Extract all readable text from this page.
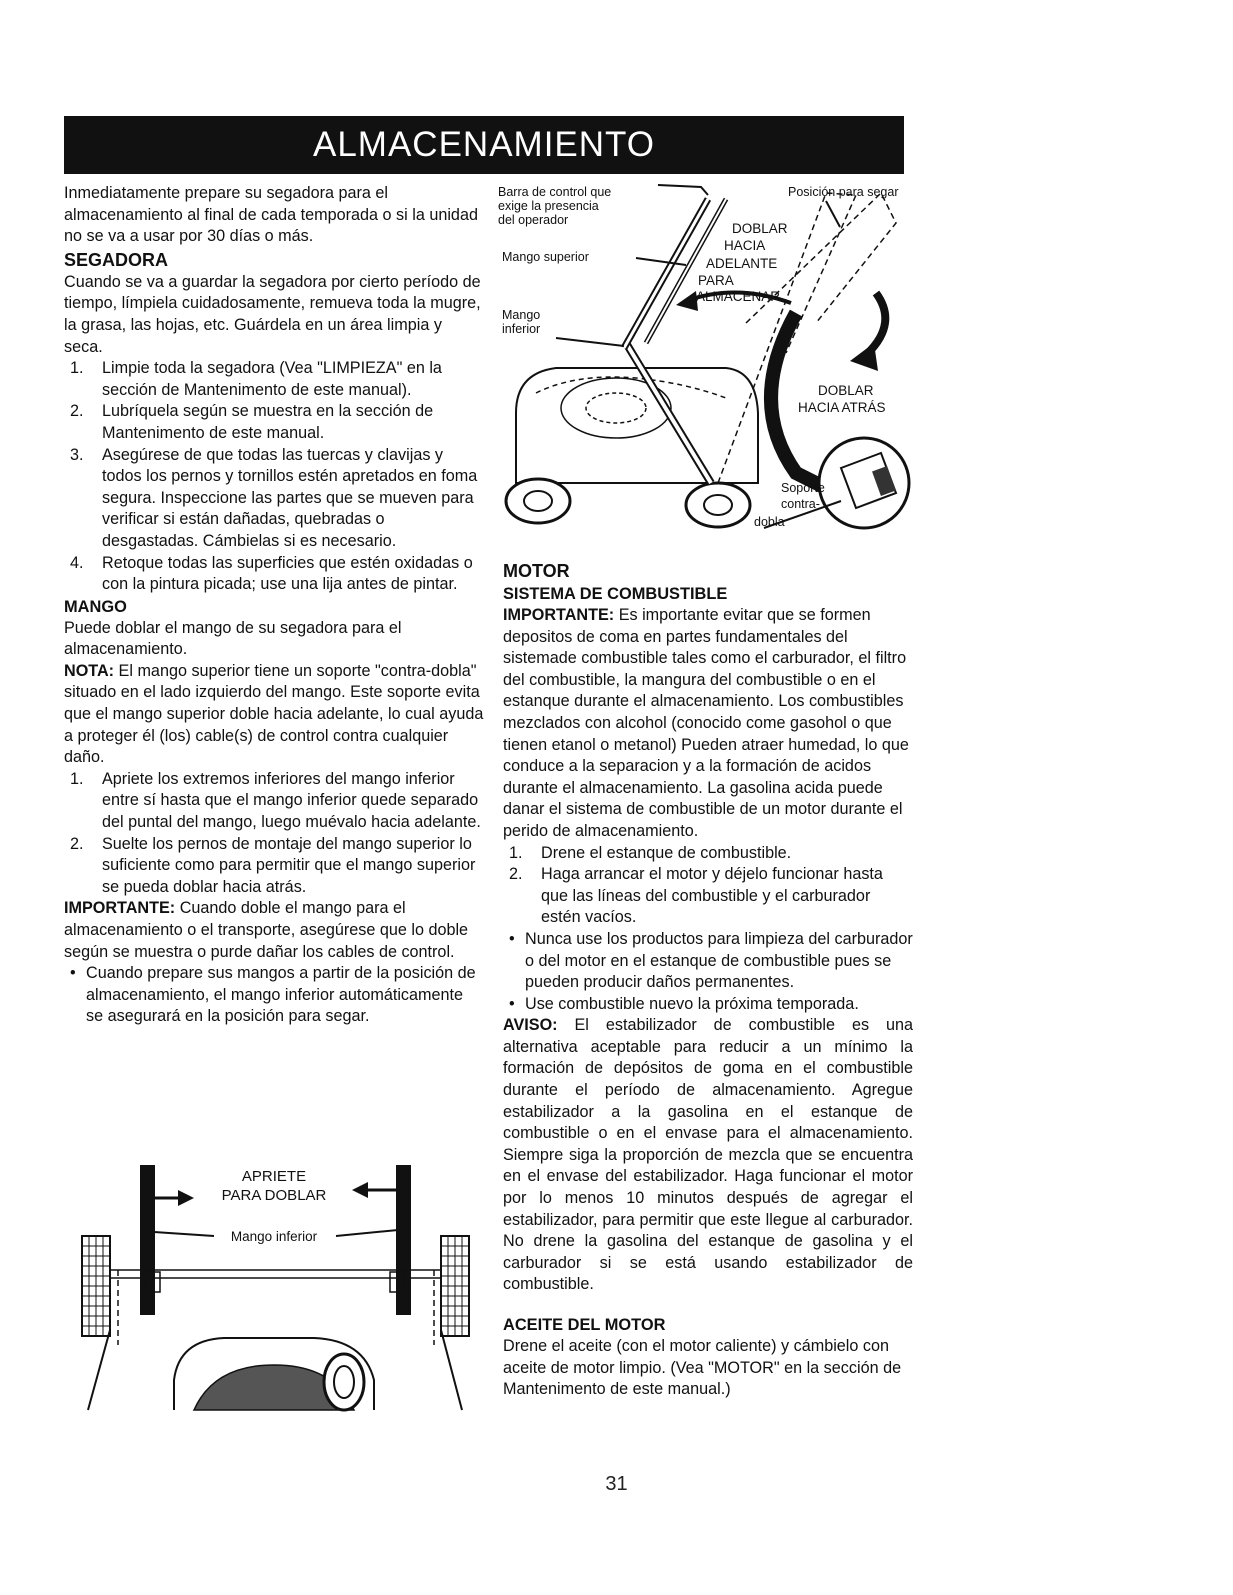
ALMACENAMIENTO

Inmediatamente prepare su segadora para el almacenamiento al final de cada temporada o si la unidad no se va a usar por 30 días o más.

SEGADORA

Cuando se va a guardar la segadora por cierto período de tiempo, límpiela cuidadosamente, remueva toda la mugre, la grasa, las hojas, etc. Guárdela en un área limpia y seca.

1.	Limpie toda la segadora (Vea "LIMPIEZA" en la sección de Mantenimento de este manual).
2.	Lubríquela según se muestra en la sección de Mantenimento de este manual.
3.	Asegúrese de que todas las tuercas y clavijas y todos los pernos y tornillos estén apretados en foma segura. Inspeccione las partes que se mueven para verificar si están dañadas, quebradas o desgastadas. Cámbielas si es necesario.
4.	Retoque todas las superficies que estén oxidadas o con la pintura picada; use una lija antes de pintar.

MANGO

Puede doblar el mango de su segadora para el almacenamiento.

NOTA: El mango superior tiene un soporte "contra-dobla" situado en el lado izquierdo del mango. Este soporte evita que el mango superior doble hacia adelante, lo cual ayuda a proteger él (los) cable(s) de control contra cualquier daño.

1.	Apriete los extremos inferiores del mango inferior entre sí hasta que el mango inferior quede separado del puntal del mango, luego muévalo hacia adelante.
2.	Suelte los pernos de montaje del mango superior lo suficiente como para permitir que el mango superior se pueda doblar hacia atrás.

IMPORTANTE: Cuando doble el mango para el almacenamiento o el transporte, asegúrese que lo doble según se muestra o purde dañar los cables de control.

• Cuando prepare sus mangos a partir de la posición de almacenamiento, el mango inferior automáticamente se asegurará en la posición para segar.
APRIETE
PARA DOBLAR
Mango inferior
Barra de control que
exige la presencia
del operador
Mango superior
Mango
inferior
Posición para segar
DOBLAR
HACIA
ADELANTE
PARA
ALMACENAR
DOBLAR
HACIA ATRÁS
Soporte
contra-
dobla

MOTOR

SISTEMA DE COMBUSTIBLE

IMPORTANTE: Es importante evitar que se formen depositos de coma en partes fundamentales del sistemade combustible tales como el carburador, el filtro del combustible, la mangura del combustible o en el estanque durante el almacenamiento. Los combustibles mezclados con alcohol (conocido come gasohol o que tienen etanol o metanol) Pueden atraer humedad, lo que conduce a la separacion y a la formación de acidos durante el almacenamiento. La gasolina acida puede danar el sistema de combustible de un motor durante el perido de almacenamiento.

1.	Drene el estanque de combustible.
2.	Haga arrancar el motor y déjelo funcionar hasta que las líneas del combustible y el carburador estén vacíos.
• Nunca use los productos para limpieza del carburador o del motor en el estanque de combustible pues se pueden producir daños permanentes.
• Use combustible nuevo la próxima temporada.

AVISO: El estabilizador de combustible es una alternativa aceptable para reducir a un mínimo la formación de depósitos de goma en el combustible durante el período de almacenamiento. Agregue estabilizador a la gasolina en el estanque de combustible o en el envase para el almacenamiento. Siempre siga la proporción de mezcla que se encuentra en el envase del estabilizador. Haga funcionar el motor por lo menos 10 minutos después de agregar el estabilizador, para permitir que este llegue al carburador. No drene la gasolina del estanque de gasolina y el carburador si se está usando estabilizador de combustible.

ACEITE DEL MOTOR

Drene el aceite (con el motor caliente) y cámbielo con aceite de motor limpio. (Vea "MOTOR" en la sección de Mantenimento de este manual.)

31
